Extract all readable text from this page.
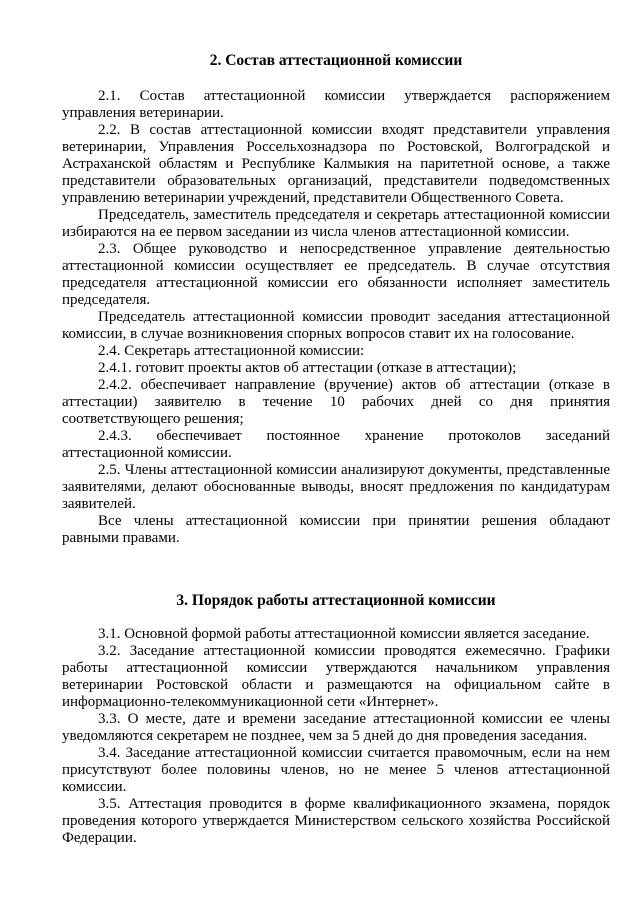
2. Состав аттестационной комиссии

2.1. Состав аттестационной комиссии утверждается распоряжением управления ветеринарии.

2.2. В состав аттестационной комиссии входят представители управления ветеринарии, Управления Россельхознадзора по Ростовской, Волгоградской и Астраханской областям и Республике Калмыкия на паритетной основе, а также представители образовательных организаций, представители подведомственных управлению ветеринарии учреждений, представители Общественного Совета.

Председатель, заместитель председателя и секретарь аттестационной комиссии избираются на ее первом заседании из числа членов аттестационной комиссии.

2.3. Общее руководство и непосредственное управление деятельностью аттестационной комиссии осуществляет ее председатель. В случае отсутствия председателя аттестационной комиссии его обязанности исполняет заместитель председателя.

Председатель аттестационной комиссии проводит заседания аттестационной комиссии, в случае возникновения спорных вопросов ставит их на голосование.

2.4. Секретарь аттестационной комиссии:

2.4.1. готовит проекты актов об аттестации (отказе в аттестации);

2.4.2. обеспечивает направление (вручение) актов об аттестации (отказе в аттестации) заявителю в течение 10 рабочих дней со дня принятия соответствующего решения;

2.4.3. обеспечивает постоянное хранение протоколов заседаний аттестационной комиссии.

2.5. Члены аттестационной комиссии анализируют документы, представленные заявителями, делают обоснованные выводы, вносят предложения по кандидатурам заявителей.

Все члены аттестационной комиссии при принятии решения обладают равными правами.

3. Порядок работы аттестационной комиссии

3.1. Основной формой работы аттестационной комиссии является заседание.

3.2. Заседание аттестационной комиссии проводятся ежемесячно. Графики работы аттестационной комиссии утверждаются начальником управления ветеринарии Ростовской области и размещаются на официальном сайте в информационно-телекоммуникационной сети «Интернет».

3.3. О месте, дате и времени заседание аттестационной комиссии ее члены уведомляются секретарем не позднее, чем за 5 дней до дня проведения заседания.

3.4. Заседание аттестационной комиссии считается правомочным, если на нем присутствуют более половины членов, но не менее 5 членов аттестационной комиссии.

3.5. Аттестация проводится в форме квалификационного экзамена, порядок проведения которого утверждается Министерством сельского хозяйства Российской Федерации.
